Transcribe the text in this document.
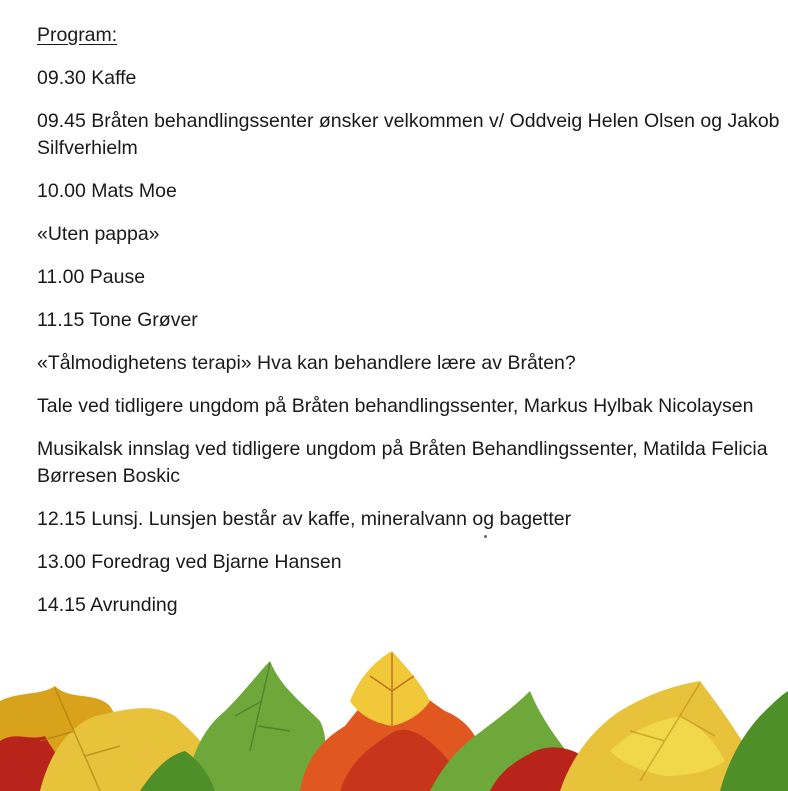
Program:
09.30 Kaffe
09.45 Bråten behandlingssenter ønsker velkommen v/ Oddveig Helen Olsen og Jakob Silfverhielm
10.00 Mats Moe
«Uten pappa»
11.00 Pause
11.15 Tone Grøver
«Tålmodighetens terapi» Hva kan behandlere lære av Bråten?
Tale ved tidligere ungdom på Bråten behandlingssenter, Markus Hylbak Nicolaysen
Musikalsk innslag ved tidligere ungdom på Bråten Behandlingssenter, Matilda Felicia Børresen Boskic
12.15 Lunsj. Lunsjen består av kaffe, mineralvann og bagetter
13.00 Foredrag ved Bjarne Hansen
14.15 Avrunding
